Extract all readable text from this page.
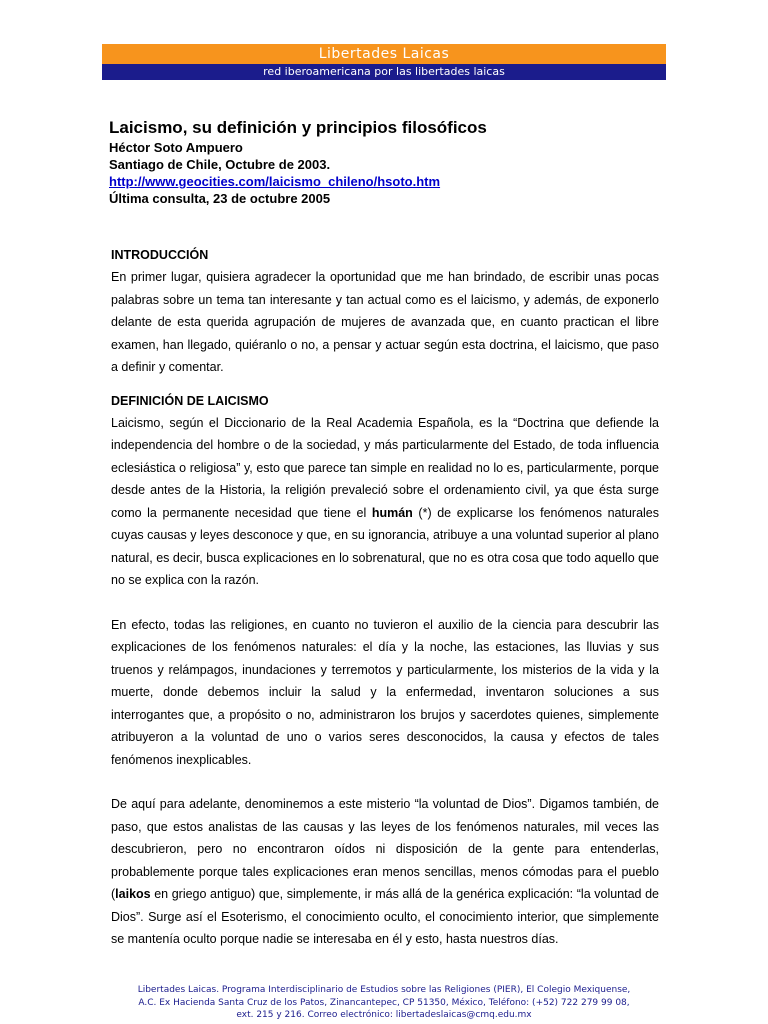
Libertades Laicas
red iberoamericana por las libertades laicas

Laicismo, su definición y principios filosóficos

Héctor Soto Ampuero

Santiago de Chile, Octubre de 2003.

http://www.geocities.com/laicismo_chileno/hsoto.htm

Última consulta, 23 de octubre 2005

INTRODUCCIÓN

En primer lugar, quisiera agradecer la oportunidad que me han brindado, de escribir unas pocas palabras sobre un tema tan interesante y tan actual como es el laicismo, y además, de exponerlo delante de esta querida agrupación de mujeres de avanzada que, en cuanto practican el libre examen, han llegado, quiéranlo o no, a pensar y actuar según esta doctrina, el laicismo, que paso a definir y comentar.

DEFINICIÓN DE LAICISMO

Laicismo, según el Diccionario de la Real Academia Española, es la “Doctrina que defiende la independencia del hombre o de la sociedad, y más particularmente del Estado, de toda influencia eclesiástica o religiosa” y, esto que parece tan simple en realidad no lo es, particularmente, porque desde antes de la Historia, la religión prevaleció sobre el ordenamiento civil, ya que ésta surge como la permanente necesidad que tiene el humán (*) de explicarse los fenómenos naturales cuyas causas y leyes desconoce y que, en su ignorancia, atribuye a una voluntad superior al plano natural, es decir, busca explicaciones en lo sobrenatural, que no es otra cosa que todo aquello que no se explica con la razón.

En efecto, todas las religiones, en cuanto no tuvieron el auxilio de la ciencia para descubrir las explicaciones de los fenómenos naturales: el día y la noche, las estaciones, las lluvias y sus truenos y relámpagos, inundaciones y terremotos y particularmente, los misterios de la vida y la muerte, donde debemos incluir la salud y la enfermedad, inventaron soluciones a sus interrogantes que, a propósito o no, administraron los brujos y sacerdotes quienes, simplemente atribuyeron a la voluntad de uno o varios seres desconocidos, la causa y efectos de tales fenómenos inexplicables.

De aquí para adelante, denominemos a este misterio “la voluntad de Dios”. Digamos también, de paso, que estos analistas de las causas y las leyes de los fenómenos naturales, mil veces las descubrieron, pero no encontraron oídos ni disposición de la gente para entenderlas, probablemente porque tales explicaciones eran menos sencillas, menos cómodas para el pueblo (laikos en griego antiguo) que, simplemente, ir más allá de la genérica explicación: “la voluntad de Dios”. Surge así el Esoterismo, el conocimiento oculto, el conocimiento interior, que simplemente se mantenía oculto porque nadie se interesaba en él y esto, hasta nuestros días.

Libertades Laicas. Programa Interdisciplinario de Estudios sobre las Religiones (PIER), El Colegio Mexiquense,
A.C. Ex Hacienda Santa Cruz de los Patos, Zinancantepec, CP 51350, México, Teléfono: (+52) 722 279 99 08,
ext. 215 y 216. Correo electrónico: libertadeslaicas@cmq.edu.mx
